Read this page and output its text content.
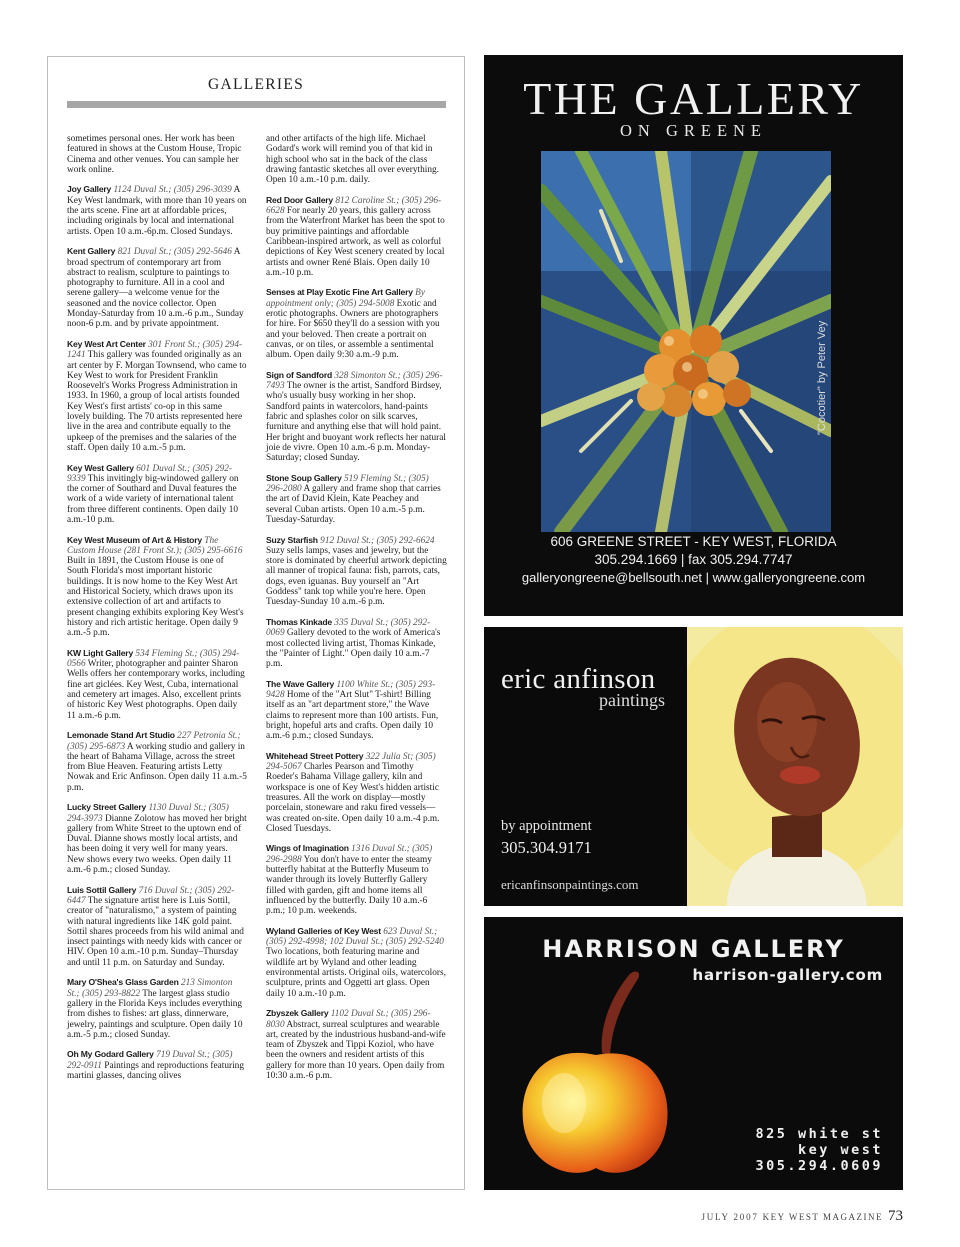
GALLERIES
sometimes personal ones. Her work has been featured in shows at the Custom House, Tropic Cinema and other venues. You can sample her work online.
Joy Gallery 1124 Duval St.; (305) 296-3039 A Key West landmark, with more than 10 years on the arts scene. Fine art at affordable prices, including originals by local and international artists. Open 10 a.m.-6p.m. Closed Sundays.
Kent Gallery 821 Duval St.; (305) 292-5646 A broad spectrum of contemporary art from abstract to realism, sculpture to paintings to photography to furniture. All in a cool and serene gallery—a welcome venue for the seasoned and the novice collector. Open Monday-Saturday from 10 a.m.-6 p.m., Sunday noon-6 p.m. and by private appointment.
Key West Art Center 301 Front St.; (305) 294-1241 This gallery was founded originally as an art center by F. Morgan Townsend, who came to Key West to work for President Franklin Roosevelt's Works Progress Administration in 1933. In 1960, a group of local artists founded Key West's first artists' co-op in this same lovely building. The 70 artists represented here live in the area and contribute equally to the upkeep of the premises and the salaries of the staff. Open daily 10 a.m.-5 p.m.
Key West Gallery 601 Duval St.; (305) 292-9339 This invitingly big-windowed gallery on the corner of Southard and Duval features the work of a wide variety of international talent from three different continents. Open daily 10 a.m.-10 p.m.
Key West Museum of Art & History The Custom House (281 Front St.); (305) 295-6616 Built in 1891, the Custom House is one of South Florida's most important historic buildings. It is now home to the Key West Art and Historical Society, which draws upon its extensive collection of art and artifacts to present changing exhibits exploring Key West's history and rich artistic heritage. Open daily 9 a.m.-5 p.m.
KW Light Gallery 534 Fleming St.; (305) 294-0566 Writer, photographer and painter Sharon Wells offers her contemporary works, including fine art giclées. Key West, Cuba, international and cemetery art images. Also, excellent prints of historic Key West photographs. Open daily 11 a.m.-6 p.m.
Lemonade Stand Art Studio 227 Petronia St.; (305) 295-6873 A working studio and gallery in the heart of Bahama Village, across the street from Blue Heaven. Featuring artists Letty Nowak and Eric Anfinson. Open daily 11 a.m.-5 p.m.
Lucky Street Gallery 1130 Duval St.; (305) 294-3973 Dianne Zolotow has moved her bright gallery from White Street to the uptown end of Duval. Dianne shows mostly local artists, and has been doing it very well for many years. New shows every two weeks. Open daily 11 a.m.-6 p.m.; closed Sunday.
Luis Sottil Gallery 716 Duval St.; (305) 292-6447 The signature artist here is Luis Sottil, creator of "naturalismo," a system of painting with natural ingredients like 14K gold paint. Sottil shares proceeds from his wild animal and insect paintings with needy kids with cancer or HIV. Open 10 a.m.-10 p.m. Sunday–Thursday and until 11 p.m. on Saturday and Sunday.
Mary O'Shea's Glass Garden 213 Simonton St.; (305) 293-8822 The largest glass studio gallery in the Florida Keys includes everything from dishes to fishes: art glass, dinnerware, jewelry, paintings and sculpture. Open daily 10 a.m.-5 p.m.; closed Sunday.
Oh My Godard Gallery 719 Duval St.; (305) 292-0911 Paintings and reproductions featuring martini glasses, dancing olives
and other artifacts of the high life. Michael Godard's work will remind you of that kid in high school who sat in the back of the class drawing fantastic sketches all over everything. Open 10 a.m.-10 p.m. daily.
Red Door Gallery 812 Caroline St.; (305) 296-6628 For nearly 20 years, this gallery across from the Waterfront Market has been the spot to buy primitive paintings and affordable Caribbean-inspired artwork, as well as colorful depictions of Key West scenery created by local artists and owner René Blais. Open daily 10 a.m.-10 p.m.
Senses at Play Exotic Fine Art Gallery By appointment only; (305) 294-5008 Exotic and erotic photographs. Owners are photographers for hire. For $650 they'll do a session with you and your beloved. Then create a portrait on canvas, or on tiles, or assemble a sentimental album. Open daily 9:30 a.m.-9 p.m.
Sign of Sandford 328 Simonton St.; (305) 296-7493 The owner is the artist, Sandford Birdsey, who's usually busy working in her shop. Sandford paints in watercolors, hand-paints fabric and splashes color on silk scarves, furniture and anything else that will hold paint. Her bright and buoyant work reflects her natural joie de vivre. Open 10 a.m.-6 p.m. Monday-Saturday; closed Sunday.
Stone Soup Gallery 519 Fleming St.; (305) 296-2080 A gallery and frame shop that carries the art of David Klein, Kate Peachey and several Cuban artists. Open 10 a.m.-5 p.m. Tuesday-Saturday.
Suzy Starfish 912 Duval St.; (305) 292-6624 Suzy sells lamps, vases and jewelry, but the store is dominated by cheerful artwork depicting all manner of tropical fauna: fish, parrots, cats, dogs, even iguanas. Buy yourself an "Art Goddess" tank top while you're here. Open Tuesday-Sunday 10 a.m.-6 p.m.
Thomas Kinkade 335 Duval St.; (305) 292-0069 Gallery devoted to the work of America's most collected living artist, Thomas Kinkade, the "Painter of Light." Open daily 10 a.m.-7 p.m.
The Wave Gallery 1100 White St.; (305) 293-9428 Home of the "Art Slut" T-shirt! Billing itself as an "art department store," the Wave claims to represent more than 100 artists. Fun, bright, hopeful arts and crafts. Open daily 10 a.m.-6 p.m.; closed Sundays.
Whitehead Street Pottery 322 Julia St; (305) 294-5067 Charles Pearson and Timothy Roeder's Bahama Village gallery, kiln and workspace is one of Key West's hidden artistic treasures. All the work on display—mostly porcelain, stoneware and raku fired vessels—was created on-site. Open daily 10 a.m.-4 p.m. Closed Tuesdays.
Wings of Imagination 1316 Duval St.; (305) 296-2988 You don't have to enter the steamy butterfly habitat at the Butterfly Museum to wander through its lovely Butterfly Gallery filled with garden, gift and home items all influenced by the butterfly. Daily 10 a.m.-6 p.m.; 10 p.m. weekends.
Wyland Galleries of Key West 623 Duval St.; (305) 292-4998; 102 Duval St.; (305) 292-5240 Two locations, both featuring marine and wildlife art by Wyland and other leading environmental artists. Original oils, watercolors, sculpture, prints and Oggetti art glass. Open daily 10 a.m.-10 p.m.
Zbyszek Gallery 1102 Duval St.; (305) 296-8030 Abstract, surreal sculptures and wearable art, created by the industrious husband-and-wife team of Zbyszek and Tippi Koziol, who have been the owners and resident artists of this gallery for more than 10 years. Open daily from 10:30 a.m.-6 p.m.
THE GALLERY
ON GREENE
"Cocotier" by Peter Vey
606 GREENE STREET - KEY WEST, FLORIDA
305.294.1669 | fax 305.294.7747
galleryongreene@bellsouth.net | www.galleryongreene.com
eric anfinson
paintings
by appointment
305.304.9171
ericanfinsonpaintings.com
HARRISON GALLERY
harrison-gallery.com
825 white st
key west
305.294.0609
JULY 2007 KEY WEST MAGAZINE 73
